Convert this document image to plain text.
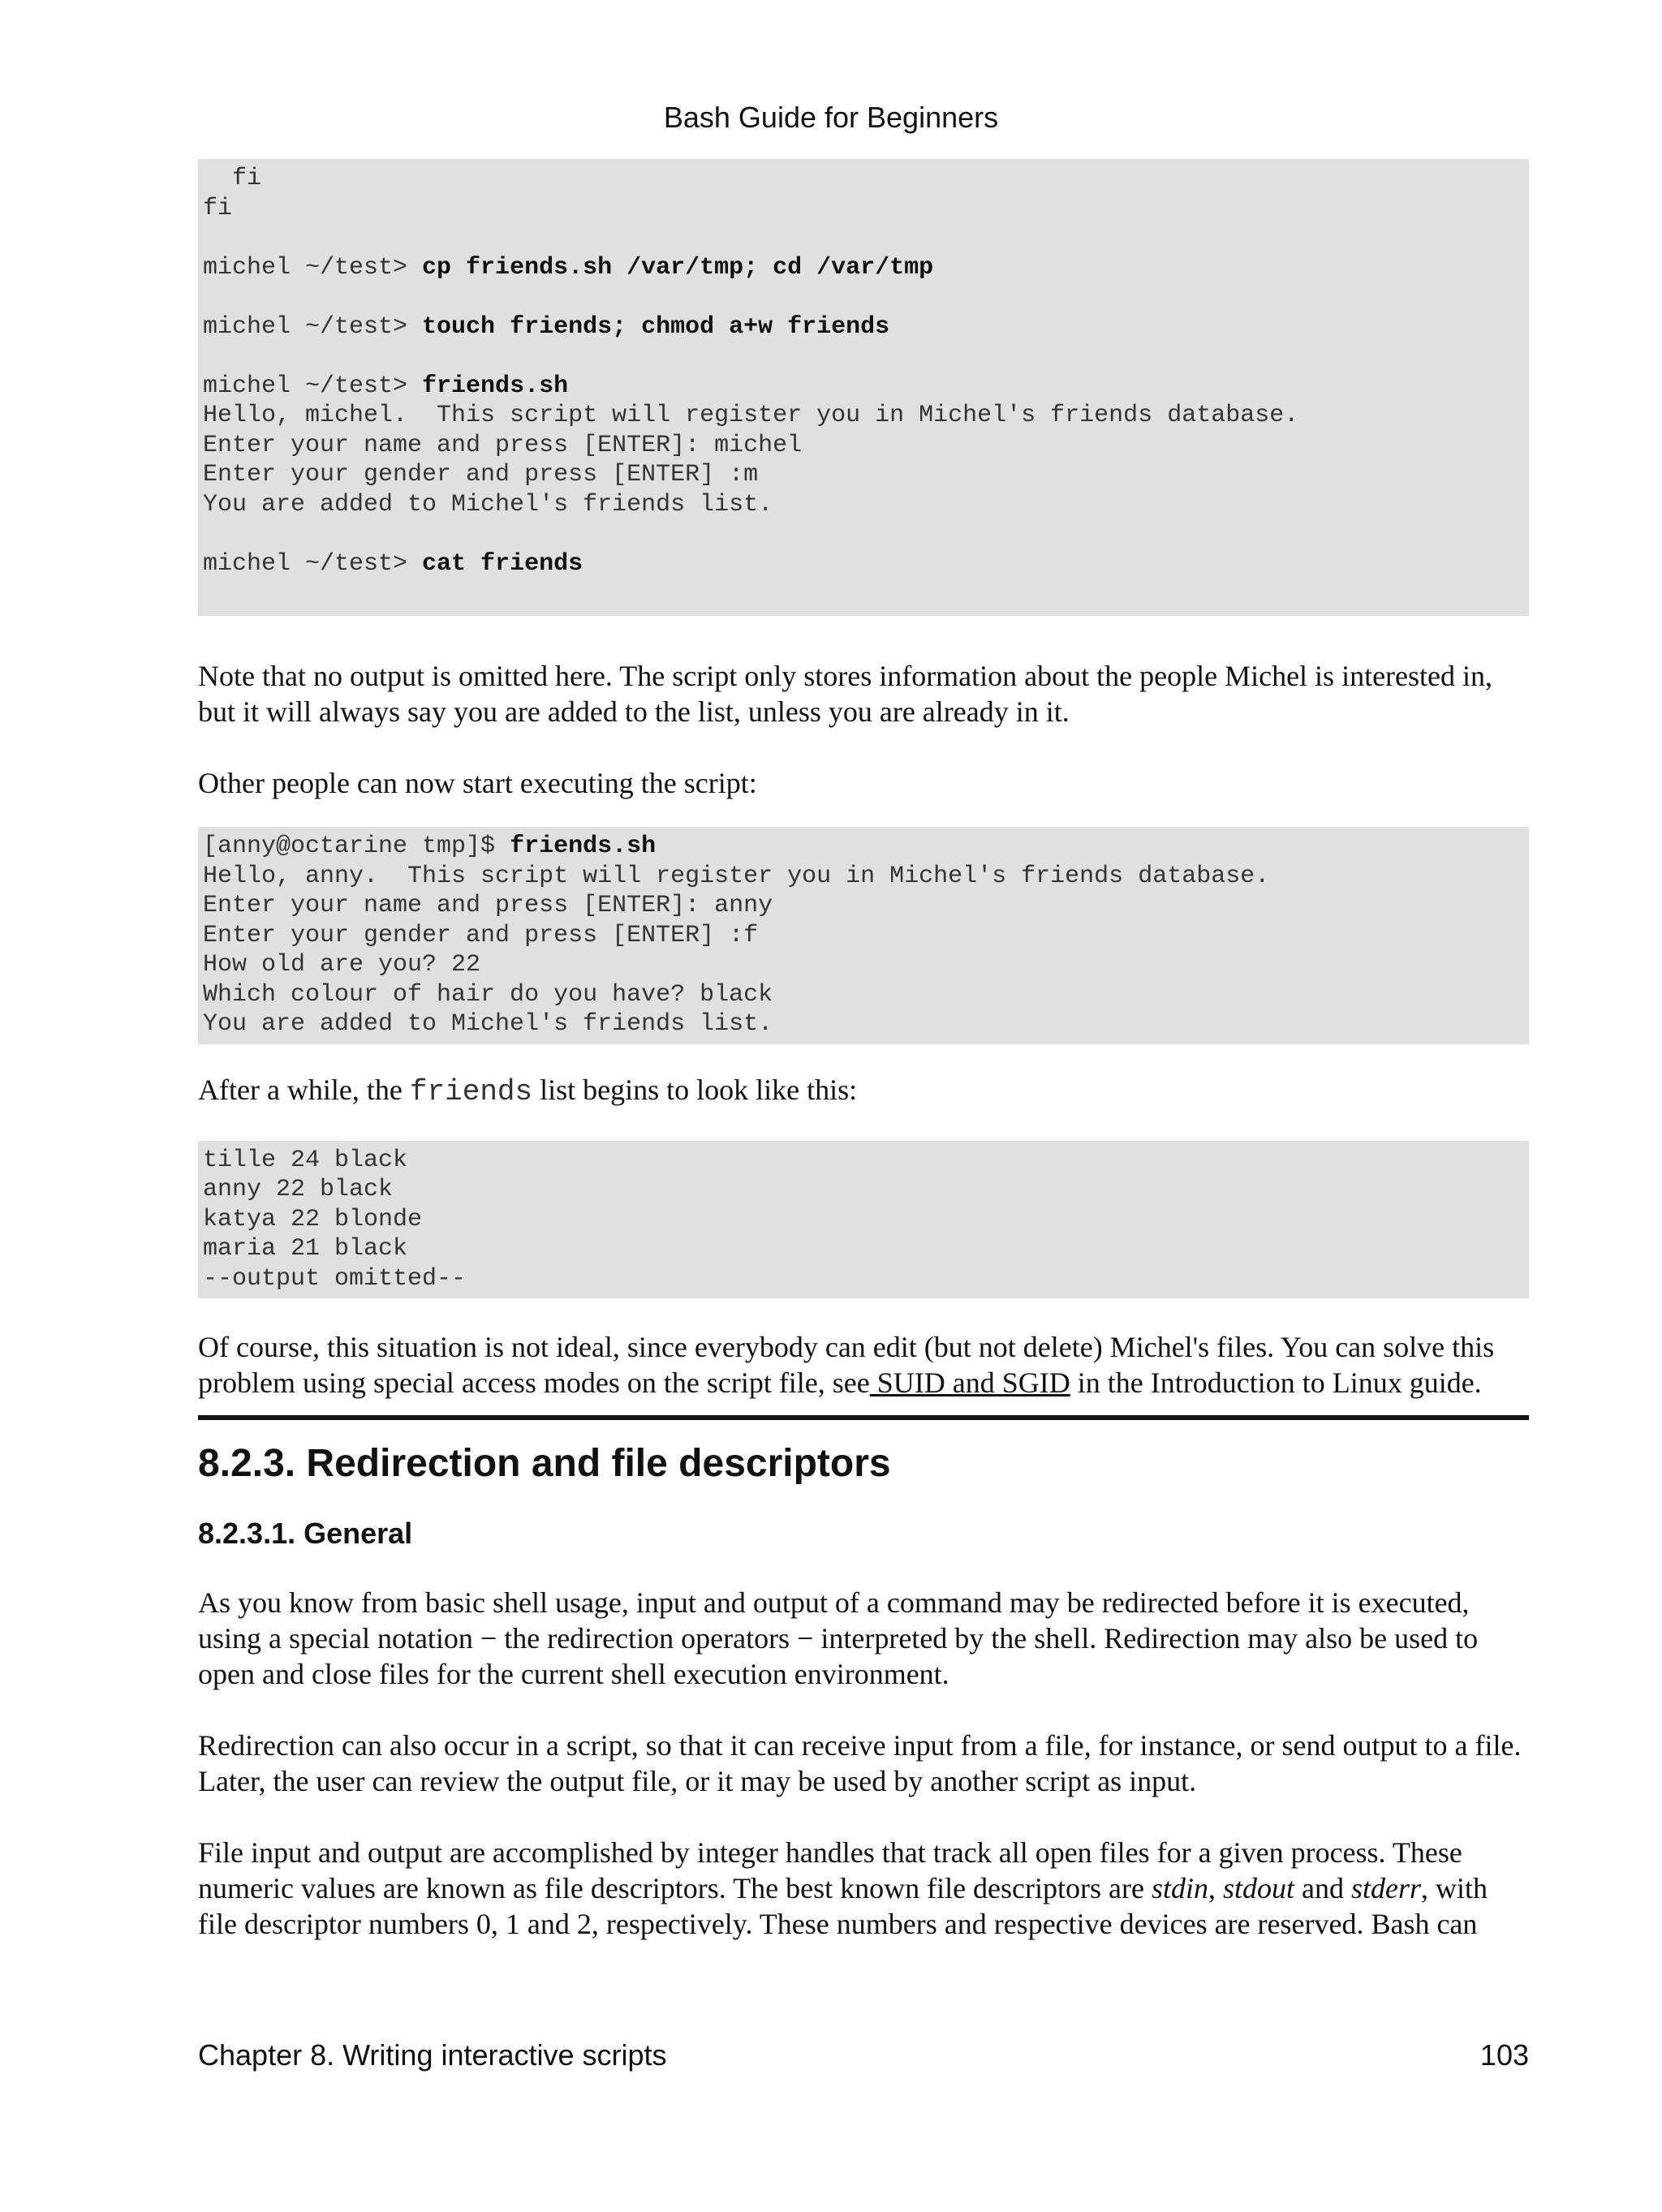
Bash Guide for Beginners
fi
fi
michel ~/test> cp friends.sh /var/tmp; cd /var/tmp
michel ~/test> touch friends; chmod a+w friends
michel ~/test> friends.sh
Hello, michel.  This script will register you in Michel's friends database.
Enter your name and press [ENTER]: michel
Enter your gender and press [ENTER] :m
You are added to Michel's friends list.
michel ~/test> cat friends

Note that no output is omitted here. The script only stores information about the people Michel is interested in, but it will always say you are added to the list, unless you are already in it.

Other people can now start executing the script:

[anny@octarine tmp]$ friends.sh
Hello, anny.  This script will register you in Michel's friends database.
Enter your name and press [ENTER]: anny
Enter your gender and press [ENTER] :f
How old are you? 22
Which colour of hair do you have? black
You are added to Michel's friends list.

After a while, the friends list begins to look like this:

tille 24 black
anny 22 black
katya 22 blonde
maria 21 black
--output omitted--

Of course, this situation is not ideal, since everybody can edit (but not delete) Michel's files. You can solve this problem using special access modes on the script file, see SUID and SGID in the Introduction to Linux guide.

8.2.3. Redirection and file descriptors
8.2.3.1. General

As you know from basic shell usage, input and output of a command may be redirected before it is executed, using a special notation − the redirection operators − interpreted by the shell. Redirection may also be used to open and close files for the current shell execution environment.

Redirection can also occur in a script, so that it can receive input from a file, for instance, or send output to a file. Later, the user can review the output file, or it may be used by another script as input.

File input and output are accomplished by integer handles that track all open files for a given process. These numeric values are known as file descriptors. The best known file descriptors are stdin, stdout and stderr, with file descriptor numbers 0, 1 and 2, respectively. These numbers and respective devices are reserved. Bash can

Chapter 8. Writing interactive scripts	103
